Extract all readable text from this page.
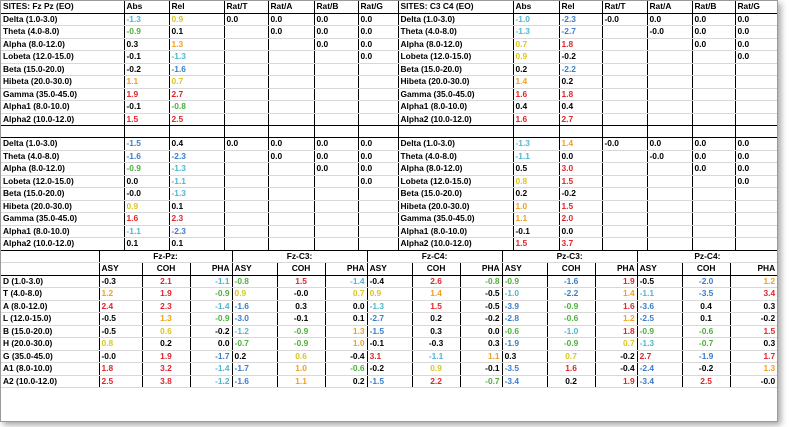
SITES: Fz Pz (EO)	Abs	Rel	Rat/T	Rat/A	Rat/B	Rat/G	SITES: C3 C4 (EO)	Abs	Rel	Rat/T	Rat/A	Rat/B	Rat/G
Delta (1.0-3.0)	-1.3	0.9	0.0	0.0	0.0	0.0	Delta (1.0-3.0)	-1.0	-2.3	-0.0	0.0	0.0	0.0
Theta (4.0-8.0)	-0.9	0.1		0.0	0.0	0.0	Theta (4.0-8.0)	-1.3	-2.7		-0.0	0.0	0.0
Alpha (8.0-12.0)	0.3	1.3			0.0	0.0	Alpha (8.0-12.0)	0.7	1.8			0.0	0.0
Lobeta (12.0-15.0)	-0.1	-1.3				0.0	Lobeta (12.0-15.0)	0.9	-0.2				0.0
Beta (15.0-20.0)	-0.2	-1.6					Beta (15.0-20.0)	0.2	-2.2				
Hibeta (20.0-30.0)	1.1	0.7					Hibeta (20.0-30.0)	1.4	0.2				
Gamma (35.0-45.0)	1.9	2.7					Gamma (35.0-45.0)	1.6	1.8				
Alpha1 (8.0-10.0)	-0.1	-0.8					Alpha1 (8.0-10.0)	0.4	0.4				
Alpha2 (10.0-12.0)	1.5	2.5					Alpha2 (10.0-12.0)	1.6	2.7				

Delta (1.0-3.0)	-1.5	0.4	0.0	0.0	0.0	0.0	Delta (1.0-3.0)	-1.3	1.4	-0.0	0.0	0.0	0.0
Theta (4.0-8.0)	-1.6	-2.3		0.0	0.0	0.0	Theta (4.0-8.0)	-1.1	0.0		-0.0	0.0	0.0
Alpha (8.0-12.0)	-0.9	-1.3			0.0	0.0	Alpha (8.0-12.0)	0.5	3.0			0.0	0.0
Lobeta (12.0-15.0)	0.0	-1.1				0.0	Lobeta (12.0-15.0)	0.8	1.5				0.0
Beta (15.0-20.0)	-0.0	-1.3					Beta (15.0-20.0)	0.2	-0.2				
Hibeta (20.0-30.0)	0.9	0.1					Hibeta (20.0-30.0)	1.0	1.5				
Gamma (35.0-45.0)	1.6	2.3					Gamma (35.0-45.0)	1.1	2.0				
Alpha1 (8.0-10.0)	-1.1	-2.3					Alpha1 (8.0-10.0)	-0.1	0.0				
Alpha2 (10.0-12.0)	0.1	0.1					Alpha2 (10.0-12.0)	1.5	3.7				
	Fz-Pz:			Fz-C3:			Fz-C4:			Pz-C3:			Pz-C4:		
	ASY	COH	PHA	ASY	COH	PHA	ASY	COH	PHA	ASY	COH	PHA	ASY	COH	PHA
D (1.0-3.0)	-0.3	2.1	-1.1	-0.8	1.5	-1.4	-0.4	2.6	-0.8	-0.9	-1.6	1.9	-0.5	-2.0	1.2
T (4.0-8.0)	1.2	1.9	-0.9	0.9	-0.0	0.7	0.9	1.4	-0.5	-1.0	-2.2	1.4	-1.1	-3.5	3.4
A (8.0-12.0)	2.4	2.3	-1.4	-1.6	0.3	0.0	-1.3	1.5	-0.5	-3.9	-0.9	1.6	-3.6	0.4	0.3
L (12.0-15.0)	-0.5	1.3	-0.9	-3.0	-0.1	0.1	-2.7	0.2	-0.2	-2.8	-0.6	1.2	-2.5	0.1	-0.2
B (15.0-20.0)	-0.5	0.6	-0.2	-1.2	-0.9	1.3	-1.5	0.3	0.0	-0.6	-1.0	1.8	-0.9	-0.6	1.5
H (20.0-30.0)	0.8	0.2	0.0	-0.7	-0.9	1.0	-0.1	-0.3	0.3	-1.9	-0.9	0.7	-1.3	-0.7	0.3
G (35.0-45.0)	-0.0	1.9	-1.7	0.2	0.6	-0.4	3.1	-1.1	1.1	0.3	0.7	-0.2	2.7	-1.9	1.7
A1 (8.0-10.0)	1.8	3.2	-1.4	-1.7	1.0	-0.6	-0.2	0.9	-0.1	-3.5	1.6	-0.4	-2.4	-0.2	1.3
A2 (10.0-12.0)	2.5	3.8	-1.2	-1.6	1.1	0.2	-1.5	2.2	-0.7	-3.4	0.2	1.9	-3.4	2.5	-0.0
